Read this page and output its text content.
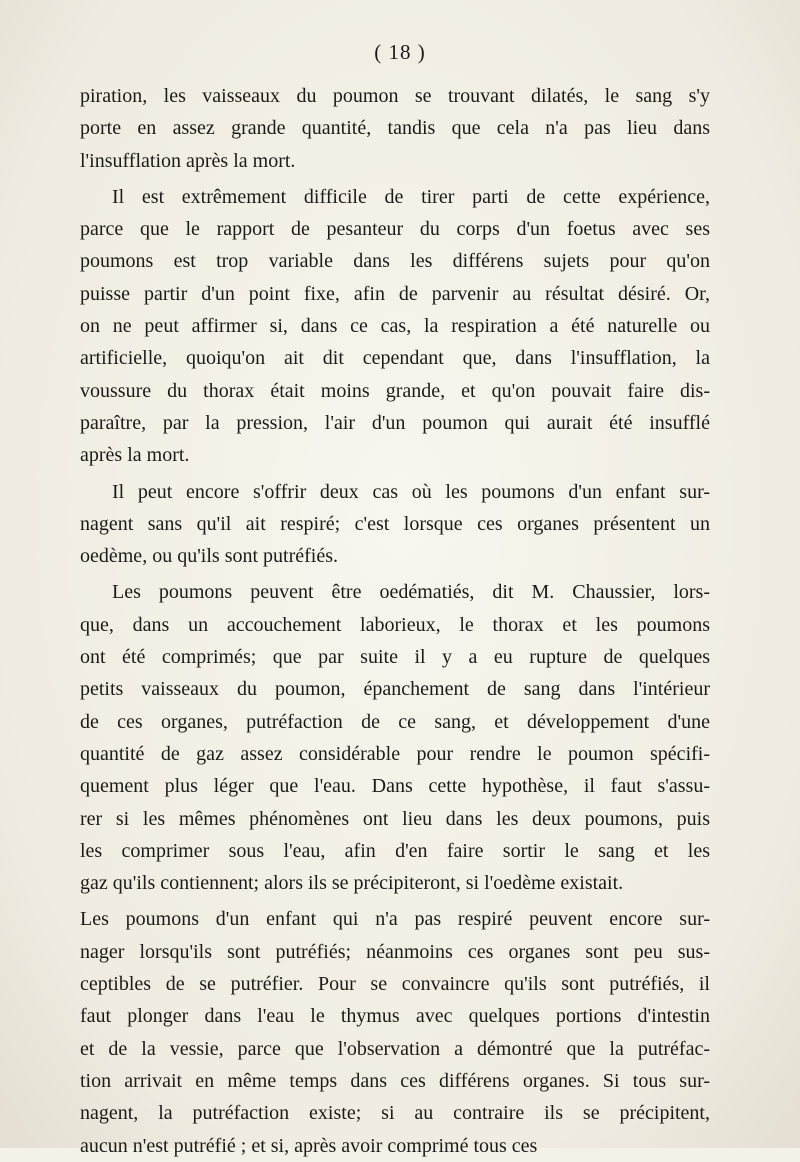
( 18 )
piration, les vaisseaux du poumon se trouvant dilatés, le sang s'y
porte en assez grande quantité, tandis que cela n'a pas lieu dans
l'insufflation après la mort.
Il est extrêmement difficile de tirer parti de cette expérience,
parce que le rapport de pesanteur du corps d'un foetus avec ses
poumons est trop variable dans les différens sujets pour qu'on
puisse partir d'un point fixe, afin de parvenir au résultat désiré. Or,
on ne peut affirmer si, dans ce cas, la respiration a été naturelle ou
artificielle, quoiqu'on ait dit cependant que, dans l'insufflation, la
voussure du thorax était moins grande, et qu'on pouvait faire dis-
paraître, par la pression, l'air d'un poumon qui aurait été insufflé
après la mort.
Il peut encore s'offrir deux cas où les poumons d'un enfant sur-
nagent sans qu'il ait respiré; c'est lorsque ces organes présentent un
oedème, ou qu'ils sont putréfiés.
Les poumons peuvent être oedématiés, dit M. Chaussier, lors-
que, dans un accouchement laborieux, le thorax et les poumons
ont été comprimés; que par suite il y a eu rupture de quelques
petits vaisseaux du poumon, épanchement de sang dans l'intérieur
de ces organes, putréfaction de ce sang, et développement d'une
quantité de gaz assez considérable pour rendre le poumon spécifi-
quement plus léger que l'eau. Dans cette hypothèse, il faut s'assu-
rer si les mêmes phénomènes ont lieu dans les deux poumons, puis
les comprimer sous l'eau, afin d'en faire sortir le sang et les
gaz qu'ils contiennent; alors ils se précipiteront, si l'oedème existait.
Les poumons d'un enfant qui n'a pas respiré peuvent encore sur-
nager lorsqu'ils sont putréfiés; néanmoins ces organes sont peu sus-
ceptibles de se putréfier. Pour se convaincre qu'ils sont putréfiés, il
faut plonger dans l'eau le thymus avec quelques portions d'intestin
et de la vessie, parce que l'observation a démontré que la putréfac-
tion arrivait en même temps dans ces différens organes. Si tous sur-
nagent, la putréfaction existe; si au contraire ils se précipitent,
aucun n'est putréfié ; et si, après avoir comprimé tous ces
